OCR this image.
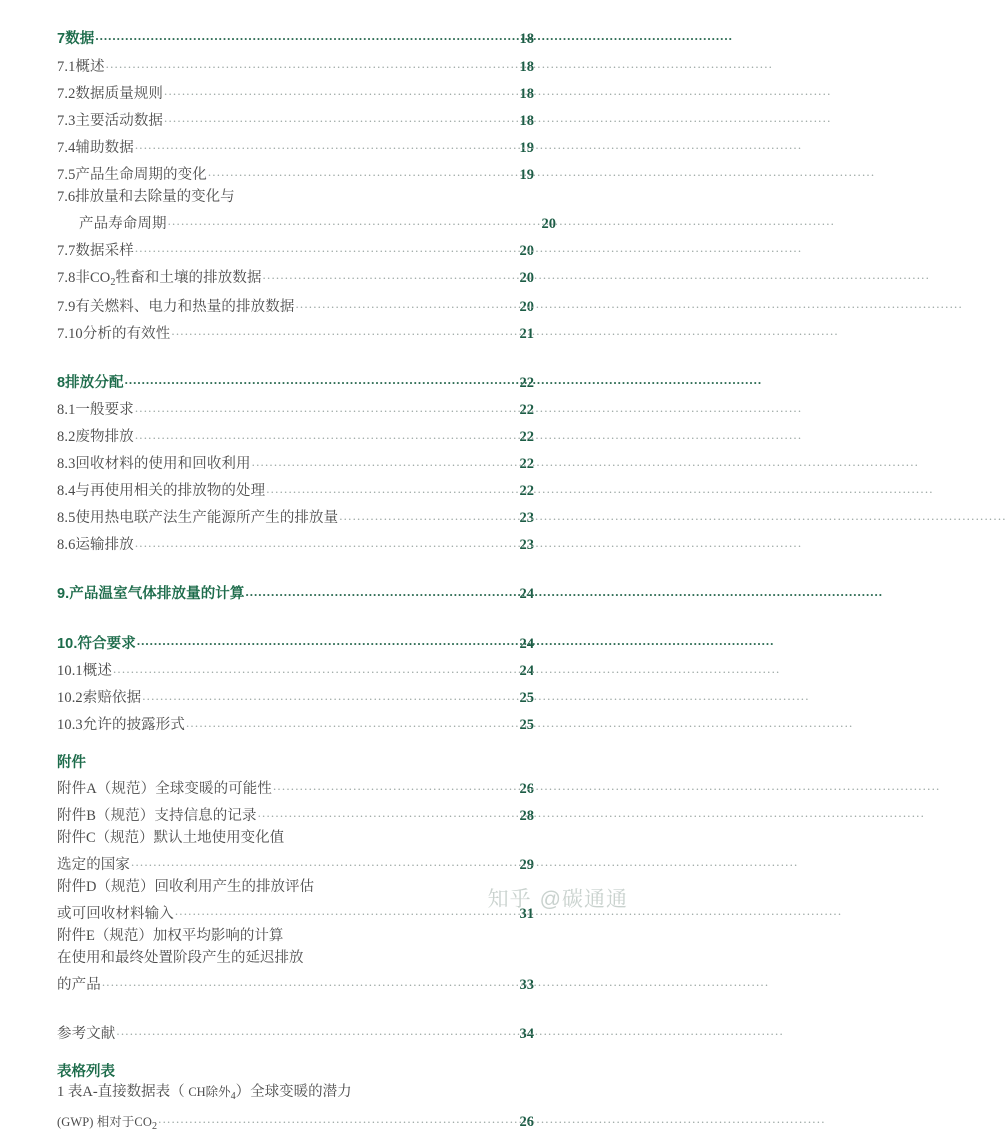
7数据 .....	18
7.1概述 .....	18
7.2数据质量规则 .....	18
7.3主要活动数据 .....	18
7.4辅助数据 .....	19
7.5产品生命周期的变化 .....	19
7.6排放量和去除量的变化与
产品寿命周期 .....	20
7.7数据采样 .....	20
7.8非$CO_2$牲畜和土壤的排放数据 .....	20
7.9有关燃料、电力和热量的排放数据 .....	20
7.10分析的有效性 .....	21
8排放分配 .....	22
8.1一般要求 .....	22
8.2废物排放 .....	22
8.3回收材料的使用和回收利用 .....	22
8.4与再使用相关的排放物的处理 .....	22
8.5使用热电联产法生产能源所产生的排放量 .....	23
8.6运输排放 .....	23
9.产品温室气体排放量的计算 .....	24
10.符合要求 .....	24
10.1概述 .....	24
10.2索赔依据 .....	25
10.3允许的披露形式 .....	25
附件
附件A（规范）全球变暖的可能性 .....	26
附件B（规范）支持信息的记录 .....	28
附件C（规范）默认土地使用变化值
选定的国家 .....	29
附件D（规范）回收利用产生的排放评估
或可回收材料输入 .....	31
附件E（规范）加权平均影响的计算
在使用和最终处置阶段产生的延迟排放
的产品 .....	33
参考文献 .....	34
表格列表
1 表A-直接数据表（ CH除外$_4$）全球变暖的潜力
(GWP) 相对于$CO_2$ .....	26
知乎 @碳通通
